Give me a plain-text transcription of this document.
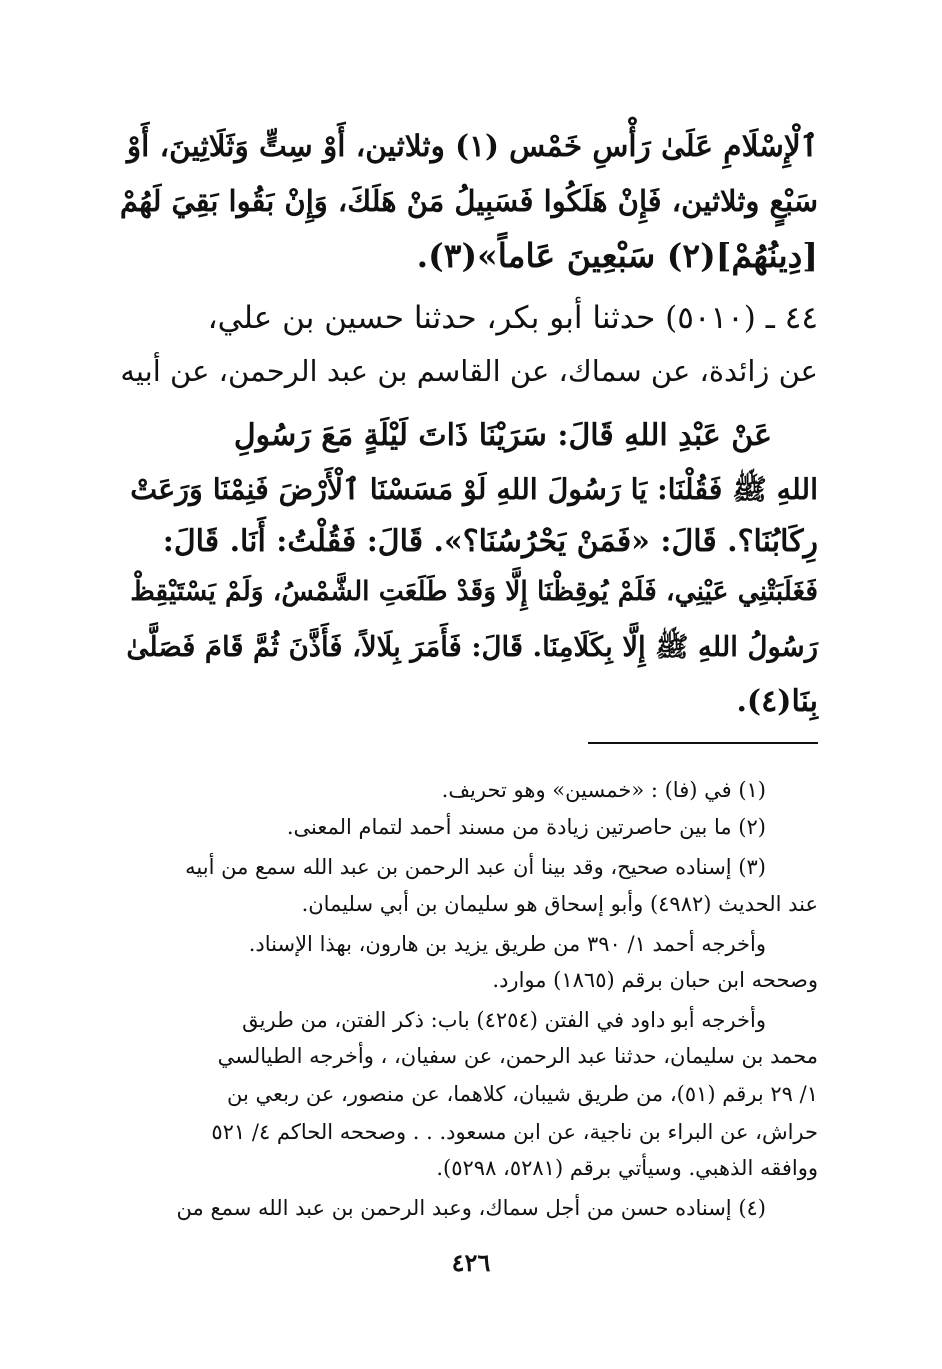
ٱلْإِسْلَامِ عَلَىٰ رَأْسِ خَمْس (١) وثلاثين، أَوْ سِتٍّ وَثَلَاثِينَ، أَوْ
سَبْعٍ وثلاثين، فَإِنْ هَلَكُوا فَسَبِيلُ مَنْ هَلَكَ، وَإِنْ بَقُوا بَقِيَ لَهُمْ
[دِينُهُمْ](٢) سَبْعِينَ عَاماً»(٣).
٤٤ ـ (٥٠١٠) حدثنا أبو بكر، حدثنا حسين بن علي،
عن زائدة، عن سماك، عن القاسم بن عبد الرحمن، عن أبيه
عَنْ عَبْدِ اللهِ قَالَ: سَرَيْنَا ذَاتَ لَيْلَةٍ مَعَ رَسُولِ
اللهِ ﷺ فَقُلْنَا: يَا رَسُولَ اللهِ لَوْ مَسَسْنَا ٱلْأَرْضَ فَنِمْنَا وَرَعَتْ
رِكَابُنَا؟. قَالَ: «فَمَنْ يَحْرُسُنَا؟». قَالَ: فَقُلْتُ: أَنَا. قَالَ:
فَغَلَبَتْنِي عَيْنِي، فَلَمْ يُوقِظْنَا إِلَّا وَقَدْ طَلَعَتِ الشَّمْسُ، وَلَمْ يَسْتَيْقِظْ
رَسُولُ اللهِ ﷺ إِلَّا بِكَلَامِنَا. قَالَ: فَأَمَرَ بِلَالاً، فَأَذَّنَ ثُمَّ قَامَ فَصَلَّىٰ
بِنَا(٤).
(١) في (فا) : «خمسين» وهو تحريف.
(٢) ما بين حاصرتين زيادة من مسند أحمد لتمام المعنى.
(٣) إسناده صحيح، وقد بينا أن عبد الرحمن بن عبد الله سمع من أبيه
عند الحديث (٤٩٨٢) وأبو إسحاق هو سليمان بن أبي سليمان.
وأخرجه أحمد ١/ ٣٩٠ من طريق يزيد بن هارون، بهذا الإسناد.
وصححه ابن حبان برقم (١٨٦٥) موارد.
وأخرجه أبو داود في الفتن (٤٢٥٤) باب: ذكر الفتن، من طريق
محمد بن سليمان، حدثنا عبد الرحمن، عن سفيان، ، وأخرجه الطيالسي
١/ ٢٩ برقم (٥١)، من طريق شيبان، كلاهما، عن منصور، عن ربعي بن
حراش، عن البراء بن ناجية، عن ابن مسعود. . . وصححه الحاكم ٤/ ٥٢١
ووافقه الذهبي. وسيأتي برقم (٥٢٨١، ٥٢٩٨).
(٤) إسناده حسن من أجل سماك، وعبد الرحمن بن عبد الله سمع من
٤٢٦
